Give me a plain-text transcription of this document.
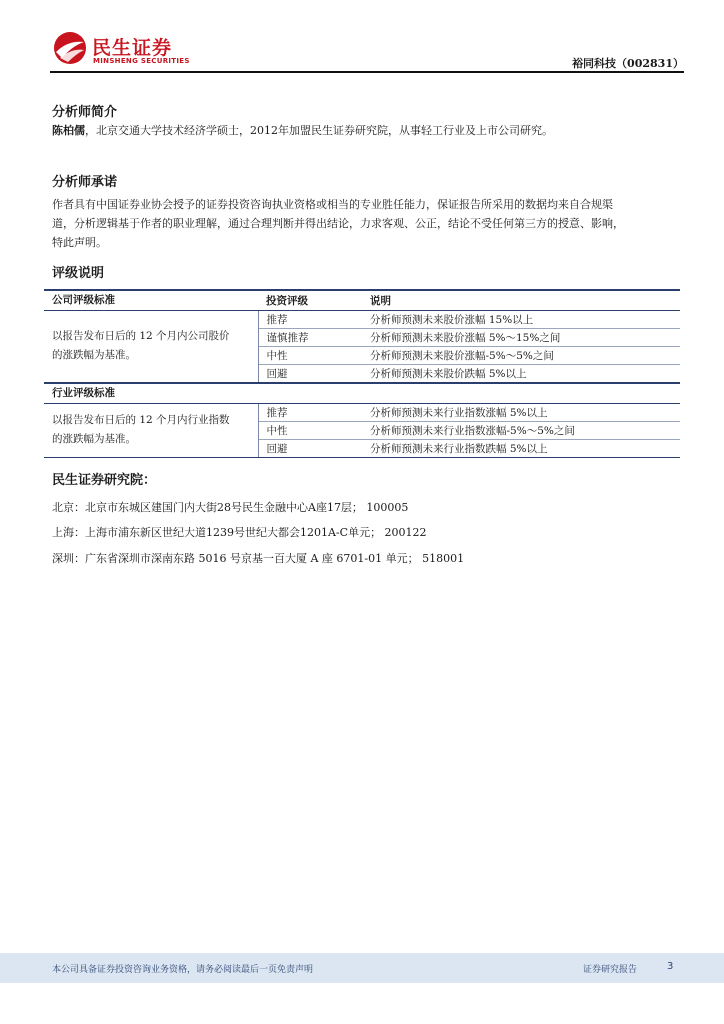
民生证券
MINSHENG SECURITIES	裕同科技（002831）
分析师简介
陈柏儒，北京交通大学技术经济学硕士，2012年加盟民生证券研究院，从事轻工行业及上市公司研究。
分析师承诺
作者具有中国证券业协会授予的证券投资咨询执业资格或相当的专业胜任能力，保证报告所采用的数据均来自合规渠
道，分析逻辑基于作者的职业理解，通过合理判断并得出结论，力求客观、公正，结论不受任何第三方的授意、影响，
特此声明。
评级说明
公司评级标准	投资评级	说明

以报告发布日后的 12 个月内公司股价
的涨跌幅为基准。	推荐	分析师预测未来股价涨幅 15%以上
	谨慎推荐	分析师预测未来股价涨幅 5%～15%之间
	中性	分析师预测未来股价涨幅-5%～5%之间
	回避	分析师预测未来股价跌幅 5%以上
行业评级标准		

以报告发布日后的 12 个月内行业指数
的涨跌幅为基准。	推荐	分析师预测未来行业指数涨幅 5%以上
	中性	分析师预测未来行业指数涨幅-5%～5%之间
	回避	分析师预测未来行业指数跌幅 5%以上
民生证券研究院：
北京：北京市东城区建国门内大街28号民生金融中心A座17层； 100005
上海：上海市浦东新区世纪大道1239号世纪大都会1201A-C单元； 200122
深圳：广东省深圳市深南东路 5016 号京基一百大厦 A 座 6701-01 单元； 518001
本公司具备证券投资咨询业务资格，请务必阅读最后一页免责声明	证券研究报告	3
